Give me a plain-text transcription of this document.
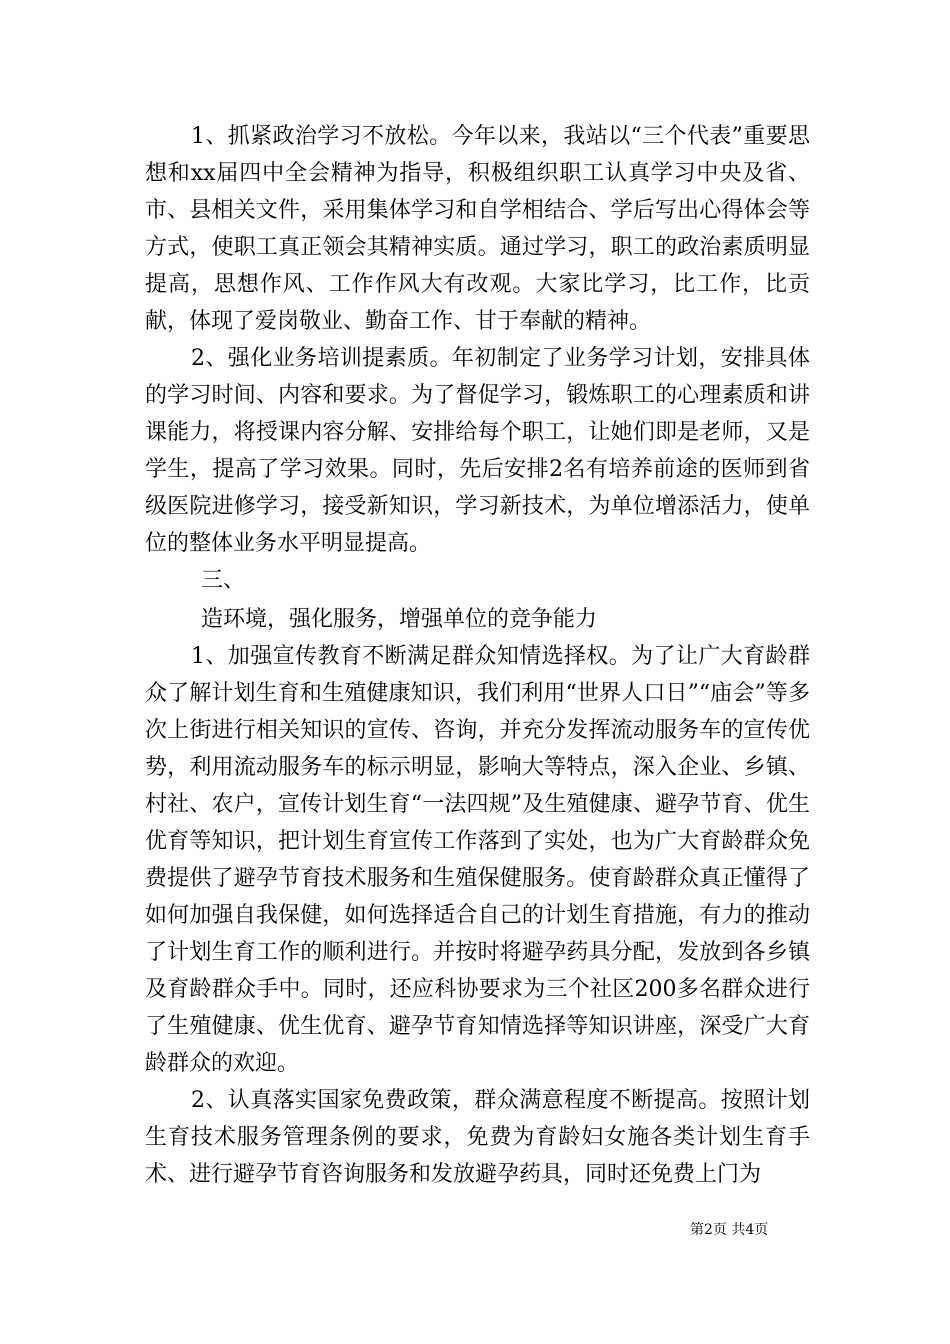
1、抓紧政治学习不放松。今年以来，我站以“三个代表”重要思想和xx届四中全会精神为指导，积极组织职工认真学习中央及省、市、县相关文件，采用集体学习和自学相结合、学后写出心得体会等方式，使职工真正领会其精神实质。通过学习，职工的政治素质明显提高，思想作风、工作作风大有改观。大家比学习，比工作，比贡献，体现了爱岗敬业、勤奋工作、甘于奉献的精神。

2、强化业务培训提素质。年初制定了业务学习计划，安排具体的学习时间、内容和要求。为了督促学习，锻炼职工的心理素质和讲课能力，将授课内容分解、安排给每个职工，让她们即是老师，又是学生，提高了学习效果。同时，先后安排2名有培养前途的医师到省级医院进修学习，接受新知识，学习新技术，为单位增添活力，使单位的整体业务水平明显提高。

三、

造环境，强化服务，增强单位的竞争能力

1、加强宣传教育不断满足群众知情选择权。为了让广大育龄群众了解计划生育和生殖健康知识，我们利用“世界人口日”“庙会”等多次上街进行相关知识的宣传、咨询，并充分发挥流动服务车的宣传优势，利用流动服务车的标示明显，影响大等特点，深入企业、乡镇、村社、农户，宣传计划生育“一法四规”及生殖健康、避孕节育、优生优育等知识，把计划生育宣传工作落到了实处，也为广大育龄群众免费提供了避孕节育技术服务和生殖保健服务。使育龄群众真正懂得了如何加强自我保健，如何选择适合自己的计划生育措施，有力的推动了计划生育工作的顺利进行。并按时将避孕药具分配，发放到各乡镇及育龄群众手中。同时，还应科协要求为三个社区200多名群众进行了生殖健康、优生优育、避孕节育知情选择等知识讲座，深受广大育龄群众的欢迎。

2、认真落实国家免费政策，群众满意程度不断提高。按照计划生育技术服务管理条例的要求，免费为育龄妇女施各类计划生育手术、进行避孕节育咨询服务和发放避孕药具，同时还免费上门为

第2页 共4页
